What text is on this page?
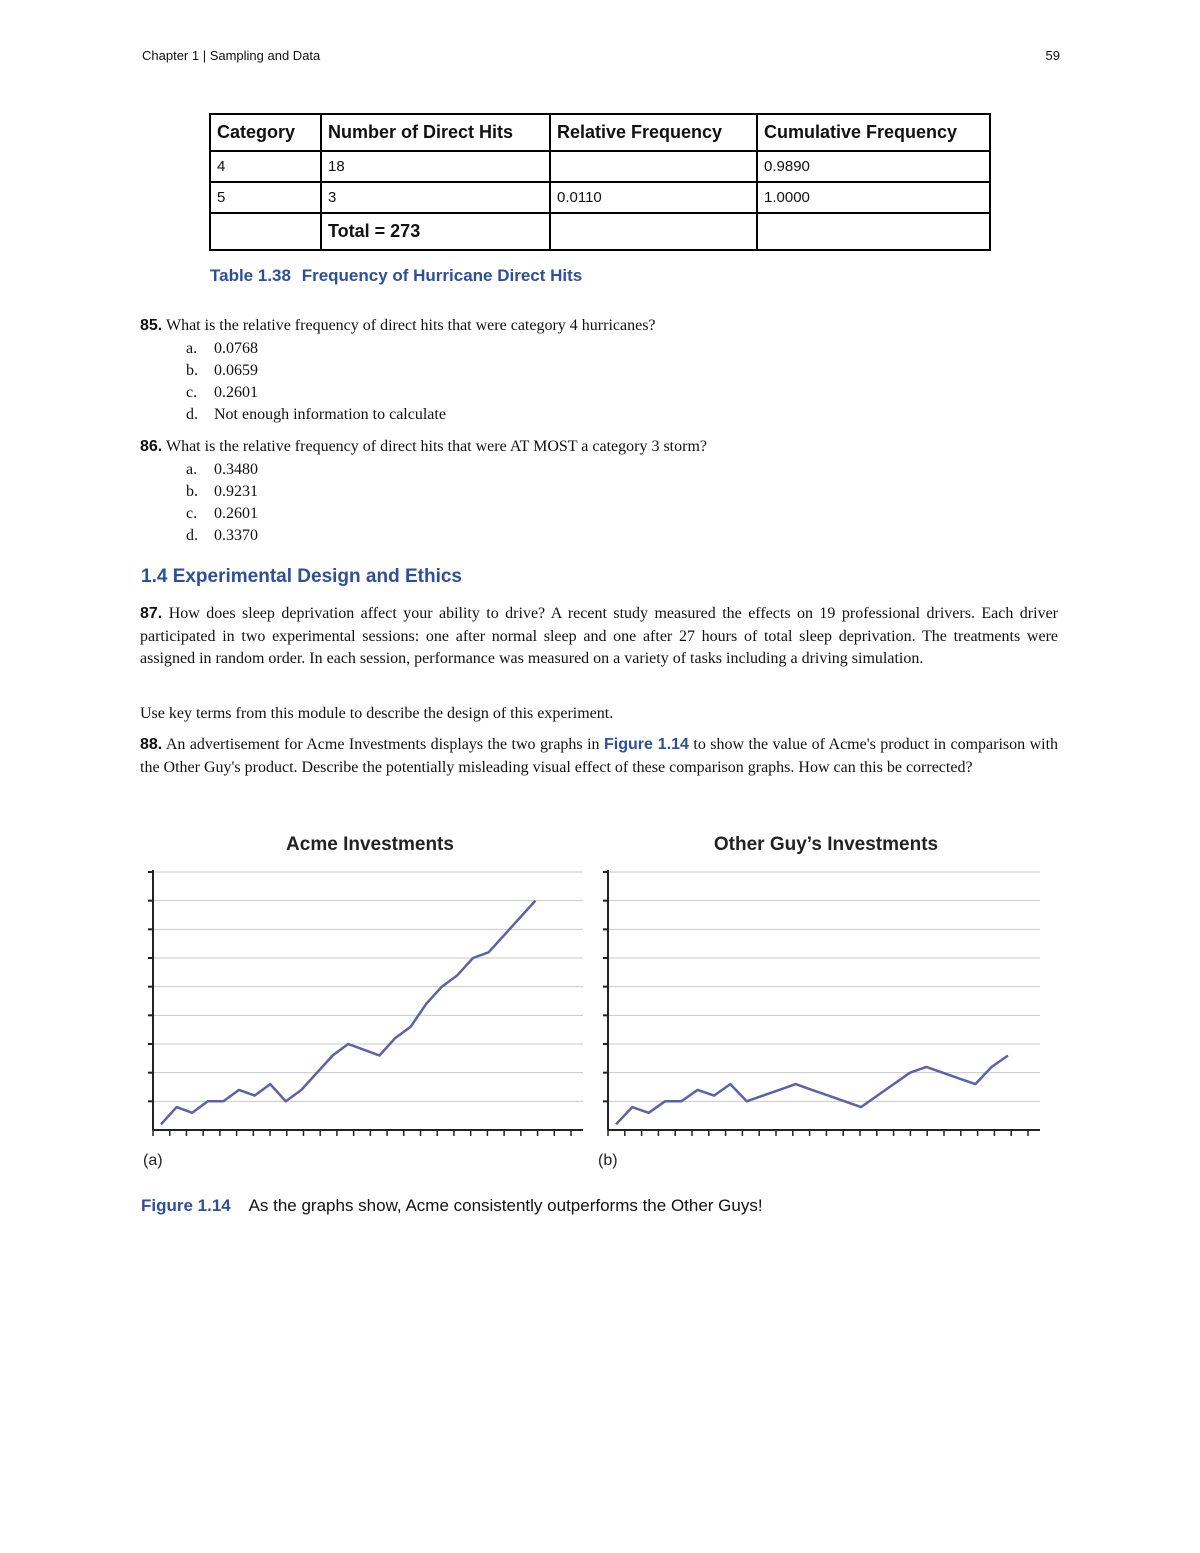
Chapter 1 | Sampling and Data	59
Category	Number of Direct Hits	Relative Frequency	Cumulative Frequency
4	18		0.9890
5	3	0.0110	1.0000
	Total = 273		
Table 1.38 Frequency of Hurricane Direct Hits
85. What is the relative frequency of direct hits that were category 4 hurricanes?
a.	0.0768
b.	0.0659
c.	0.2601
d.	Not enough information to calculate
86. What is the relative frequency of direct hits that were AT MOST a category 3 storm?
a.	0.3480
b.	0.9231
c.	0.2601
d.	0.3370
1.4 Experimental Design and Ethics

87. How does sleep deprivation affect your ability to drive? A recent study measured the effects on 19 professional drivers. Each driver participated in two experimental sessions: one after normal sleep and one after 27 hours of total sleep deprivation. The treatments were assigned in random order. In each session, performance was measured on a variety of tasks including a driving simulation.

Use key terms from this module to describe the design of this experiment.

88. An advertisement for Acme Investments displays the two graphs in Figure 1.14 to show the value of Acme's product in comparison with the Other Guy's product. Describe the potentially misleading visual effect of these comparison graphs. How can this be corrected?

Acme Investments
(a)
Other Guy’s Investments
(b)
Figure 1.14 As the graphs show, Acme consistently outperforms the Other Guys!
